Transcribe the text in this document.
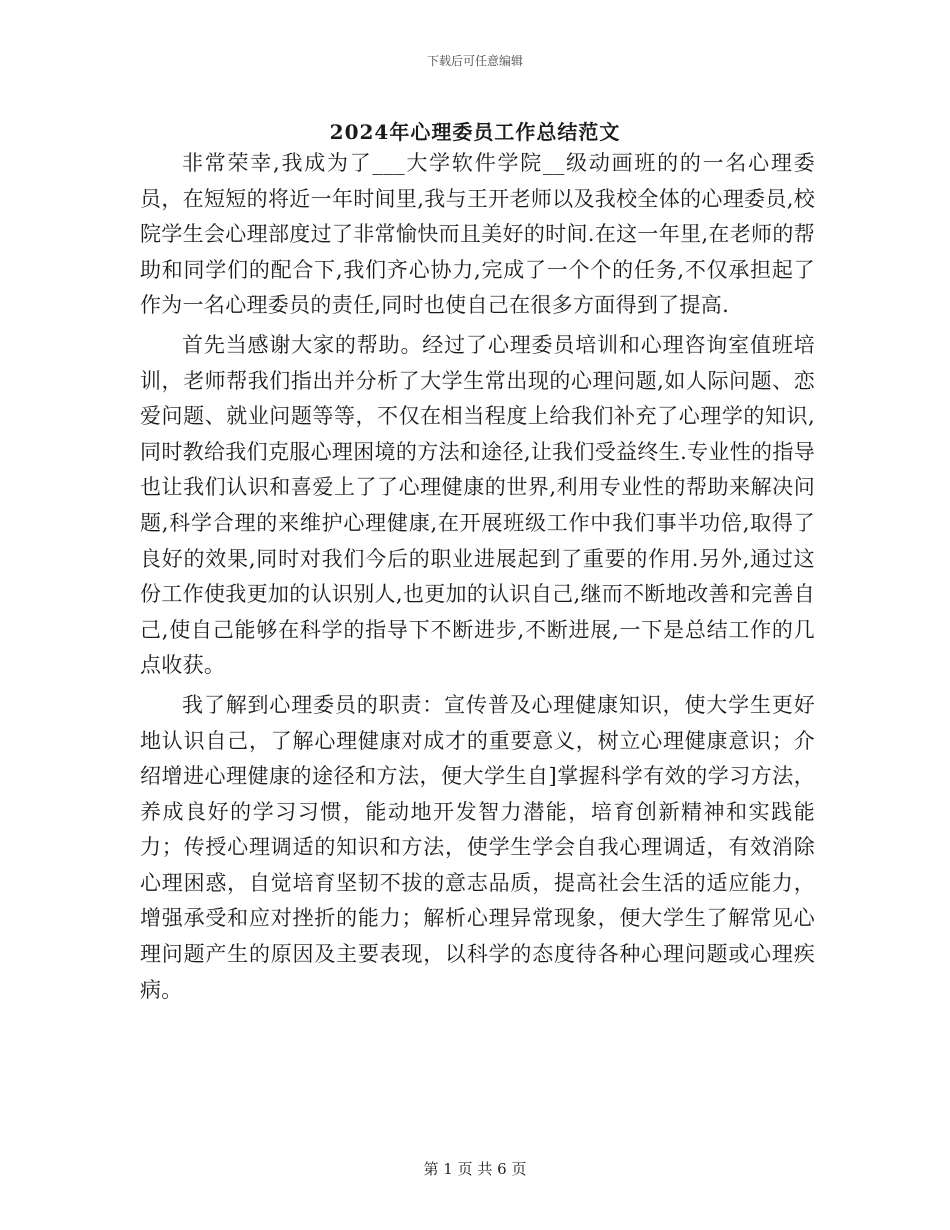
下载后可任意编辑
2024年心理委员工作总结范文

非常荣幸,我成为了___大学软件学院__级动画班的的一名心理委员，在短短的将近一年时间里,我与王开老师以及我校全体的心理委员,校院学生会心理部度过了非常愉快而且美好的时间.在这一年里,在老师的帮助和同学们的配合下,我们齐心协力,完成了一个个的任务,不仅承担起了作为一名心理委员的责任,同时也使自己在很多方面得到了提高.

首先当感谢大家的帮助。经过了心理委员培训和心理咨询室值班培训，老师帮我们指出并分析了大学生常出现的心理问题,如人际问题、恋爱问题、就业问题等等，不仅在相当程度上给我们补充了心理学的知识,同时教给我们克服心理困境的方法和途径,让我们受益终生.专业性的指导也让我们认识和喜爱上了了心理健康的世界,利用专业性的帮助来解决问题,科学合理的来维护心理健康,在开展班级工作中我们事半功倍,取得了良好的效果,同时对我们今后的职业进展起到了重要的作用.另外,通过这份工作使我更加的认识别人,也更加的认识自己,继而不断地改善和完善自己,使自己能够在科学的指导下不断进步,不断进展,一下是总结工作的几点收获。

我了解到心理委员的职责：宣传普及心理健康知识，使大学生更好地认识自己，了解心理健康对成才的重要意义，树立心理健康意识；介绍增进心理健康的途径和方法，便大学生自]掌握科学有效的学习方法，养成良好的学习习惯，能动地开发智力潜能，培育创新精神和实践能力；传授心理调适的知识和方法，使学生学会自我心理调适，有效消除心理困惑，自觉培育坚韧不拔的意志品质，提高社会生活的适应能力，增强承受和应对挫折的能力；解析心理异常现象，便大学生了解常见心理问题产生的原因及主要表现，以科学的态度待各种心理问题或心理疾病。

第 1 页 共 6 页
